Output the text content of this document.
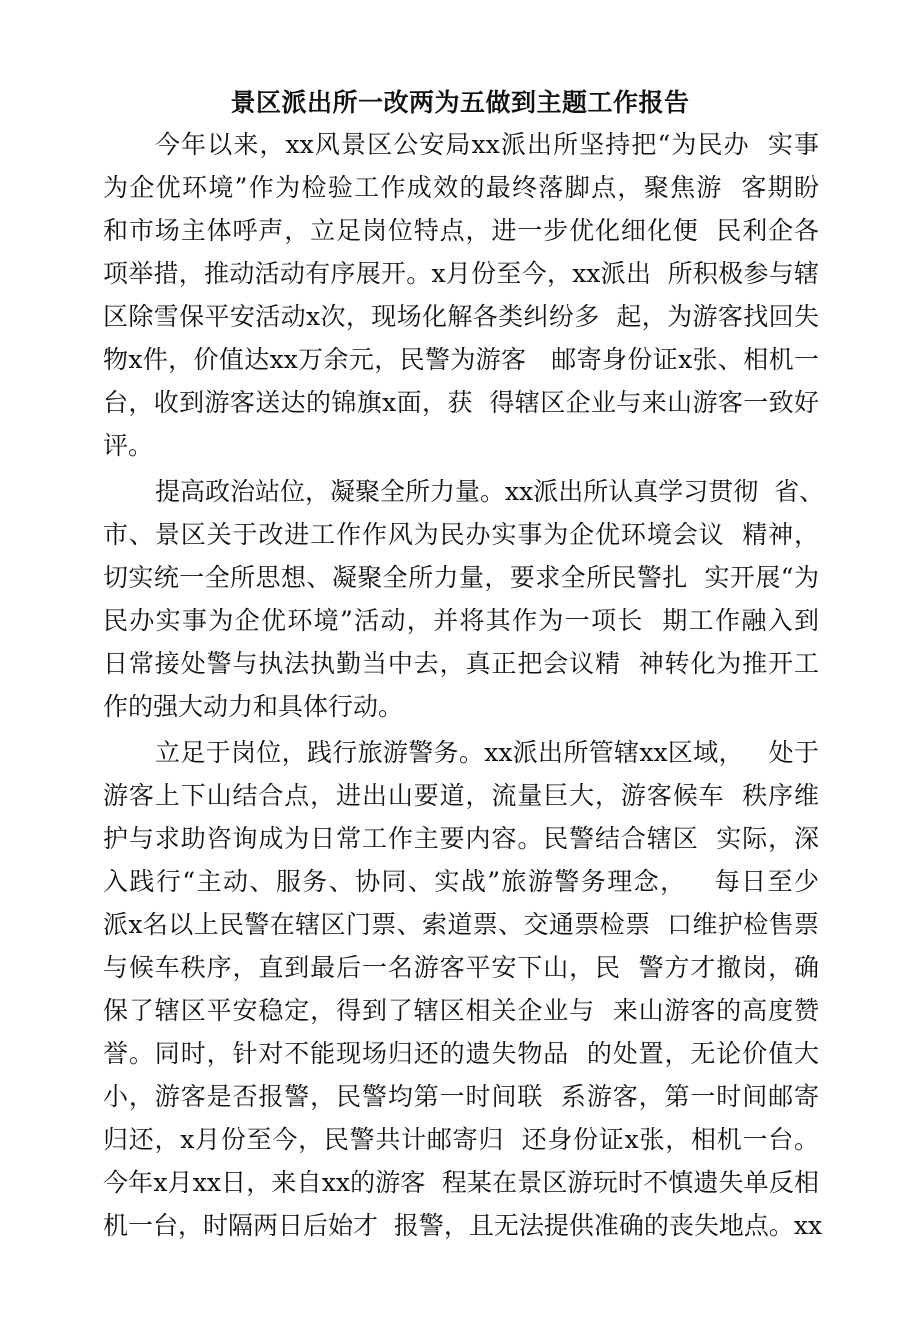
景区派出所一改两为五做到主题工作报告
今年以来，xx风景区公安局xx派出所坚持把“为民办  实事
为企优环境”作为检验工作成效的最终落脚点，聚焦游  客期盼
和市场主体呼声，立足岗位特点，进一步优化细化便  民利企各
项举措，推动活动有序展开。x月份至今，xx派出  所积极参与辖
区除雪保平安活动x次，现场化解各类纠纷多  起，为游客找回失
物x件，价值达xx万余元，民警为游客   邮寄身份证x张、相机一
台，收到游客送达的锦旗x面，获  得辖区企业与来山游客一致好
评。
提高政治站位，凝聚全所力量。xx派出所认真学习贯彻  省、
市、景区关于改进工作作风为民办实事为企优环境会议  精神，
切实统一全所思想、凝聚全所力量，要求全所民警扎  实开展“为
民办实事为企优环境”活动，并将其作为一项长  期工作融入到
日常接处警与执法执勤当中去，真正把会议精  神转化为推开工
作的强大动力和具体行动。
立足于岗位，践行旅游警务。xx派出所管辖xx区域，   处于
游客上下山结合点，进出山要道，流量巨大，游客候车  秩序维
护与求助咨询成为日常工作主要内容。民警结合辖区  实际，深
入践行“主动、服务、协同、实战”旅游警务理念，   每日至少
派x名以上民警在辖区门票、索道票、交通票检票  口维护检售票
与候车秩序，直到最后一名游客平安下山，民  警方才撤岗，确
保了辖区平安稳定，得到了辖区相关企业与  来山游客的高度赞
誉。同时，针对不能现场归还的遗失物品  的处置，无论价值大
小，游客是否报警，民警均第一时间联  系游客，第一时间邮寄
归还，x月份至今，民警共计邮寄归  还身份证x张，相机一台。
今年x月xx日，来自xx的游客  程某在景区游玩时不慎遗失单反相
机一台，时隔两日后始才  报警，且无法提供准确的丧失地点。xx
